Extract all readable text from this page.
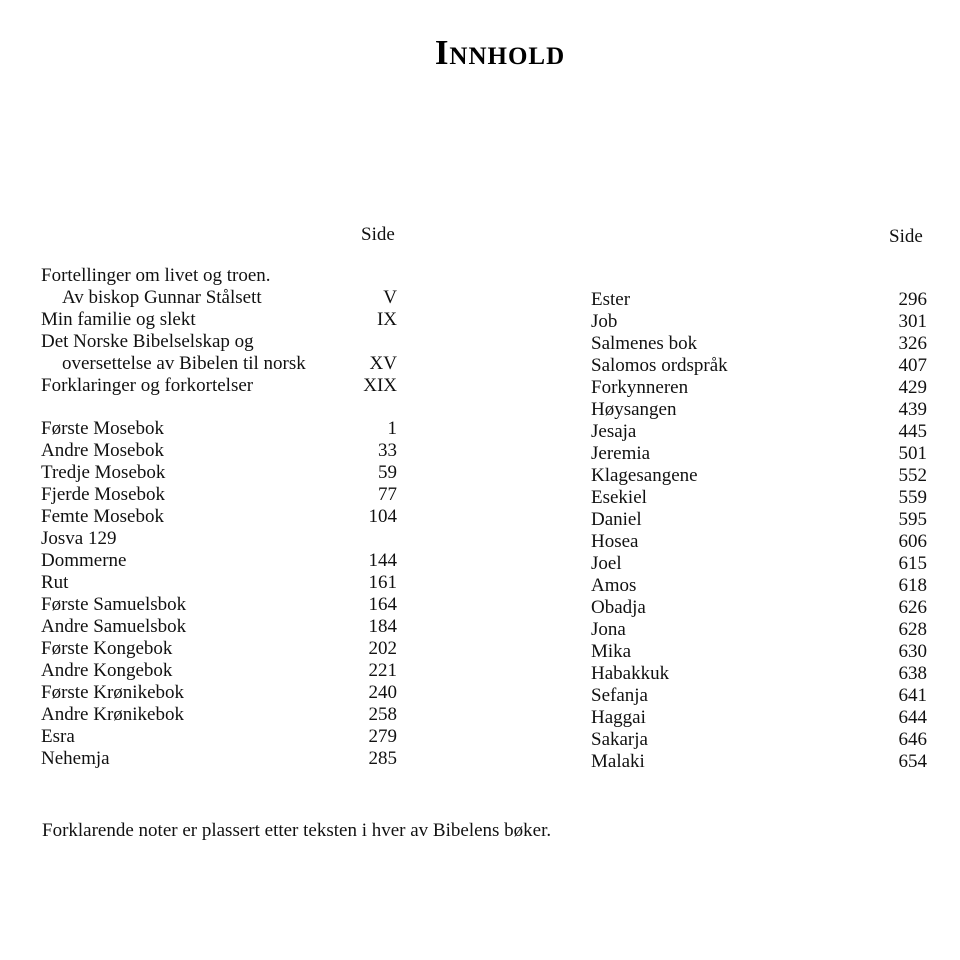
Innhold
Side	Side
Fortellinger om livet og troen.
Av biskop Gunnar Stålsett	V
Min familie og slekt	IX
Det Norske Bibelselskap og
oversettelse av Bibelen til norsk	XV
Forklaringer og forkortelser	XIX
Første Mosebok	1
Andre Mosebok	33
Tredje Mosebok	59
Fjerde Mosebok	77
Femte Mosebok	104
Josva 129
Dommerne	144
Rut	161
Første Samuelsbok	164
Andre Samuelsbok	184
Første Kongebok	202
Andre Kongebok	221
Første Krønikebok	240
Andre Krønikebok	258
Esra	279
Nehemja	285
Ester	296
Job	301
Salmenes bok	326
Salomos ordspråk	407
Forkynneren	429
Høysangen	439
Jesaja	445
Jeremia	501
Klagesangene	552
Esekiel	559
Daniel	595
Hosea	606
Joel	615
Amos	618
Obadja	626
Jona	628
Mika	630
Habakkuk	638
Sefanja	641
Haggai	644
Sakarja	646
Malaki	654
Forklarende noter er plassert etter teksten i hver av Bibelens bøker.
